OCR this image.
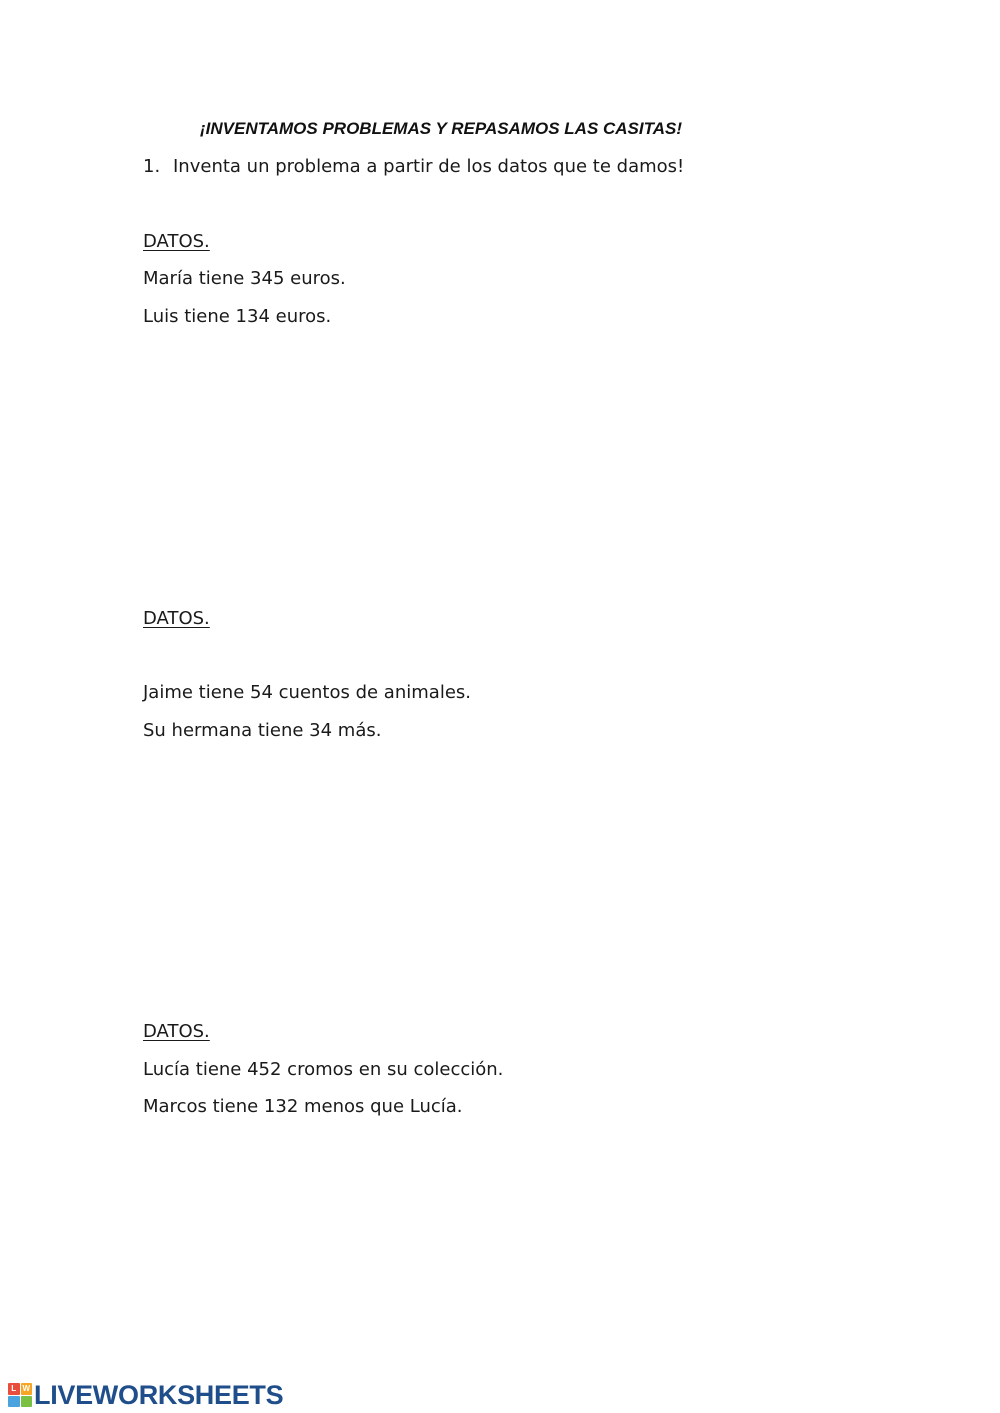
¡INVENTAMOS PROBLEMAS Y REPASAMOS LAS CASITAS!
1. Inventa un problema a partir de los datos que te damos!
DATOS.
María tiene 345 euros.
Luis tiene 134 euros.
DATOS.
Jaime tiene 54 cuentos de animales.
Su hermana tiene 34 más.
DATOS.
Lucía tiene 452 cromos en su colección.
Marcos tiene 132 menos que Lucía.
L W LIVEWORKSHEETS
